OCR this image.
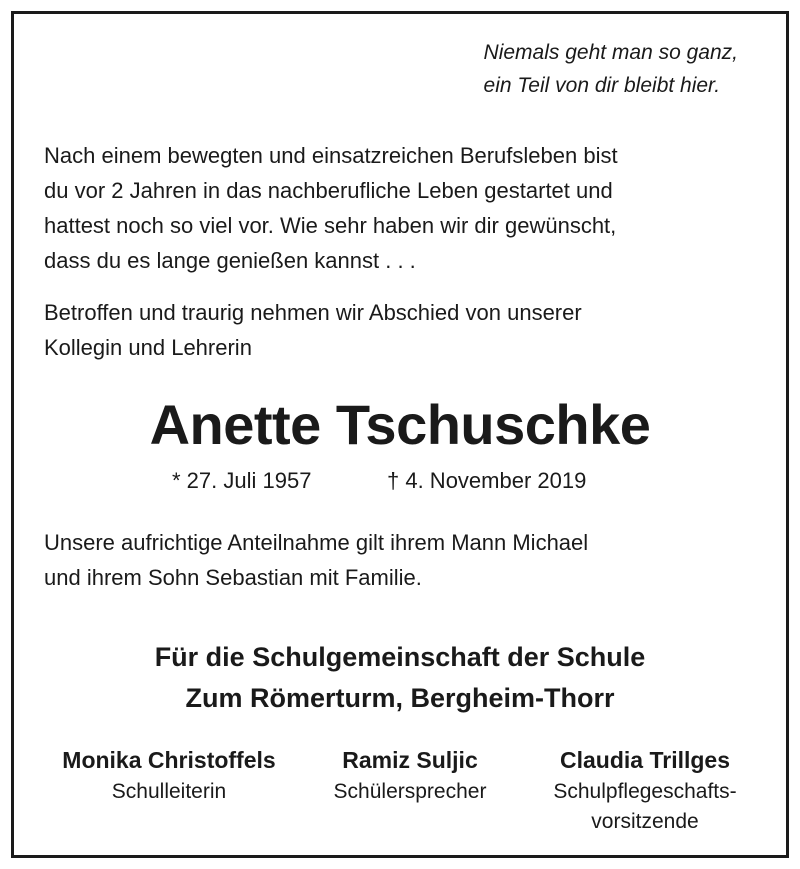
Niemals geht man so ganz,
ein Teil von dir bleibt hier.
Nach einem bewegten und einsatzreichen Berufsleben bist
du vor 2 Jahren in das nachberufliche Leben gestartet und
hattest noch so viel vor. Wie sehr haben wir dir gewünscht,
dass du es lange genießen kannst . . .
Betroffen und traurig nehmen wir Abschied von unserer
Kollegin und Lehrerin
Anette Tschuschke
* 27. Juli 1957	† 4. November 2019
Unsere aufrichtige Anteilnahme gilt ihrem Mann Michael
und ihrem Sohn Sebastian mit Familie.
Für die Schulgemeinschaft der Schule
Zum Römerturm, Bergheim-Thorr
Monika Christoffels
Schulleiterin
Ramiz Suljic
Schülersprecher
Claudia Trillges
Schulpflegeschafts-
vorsitzende
